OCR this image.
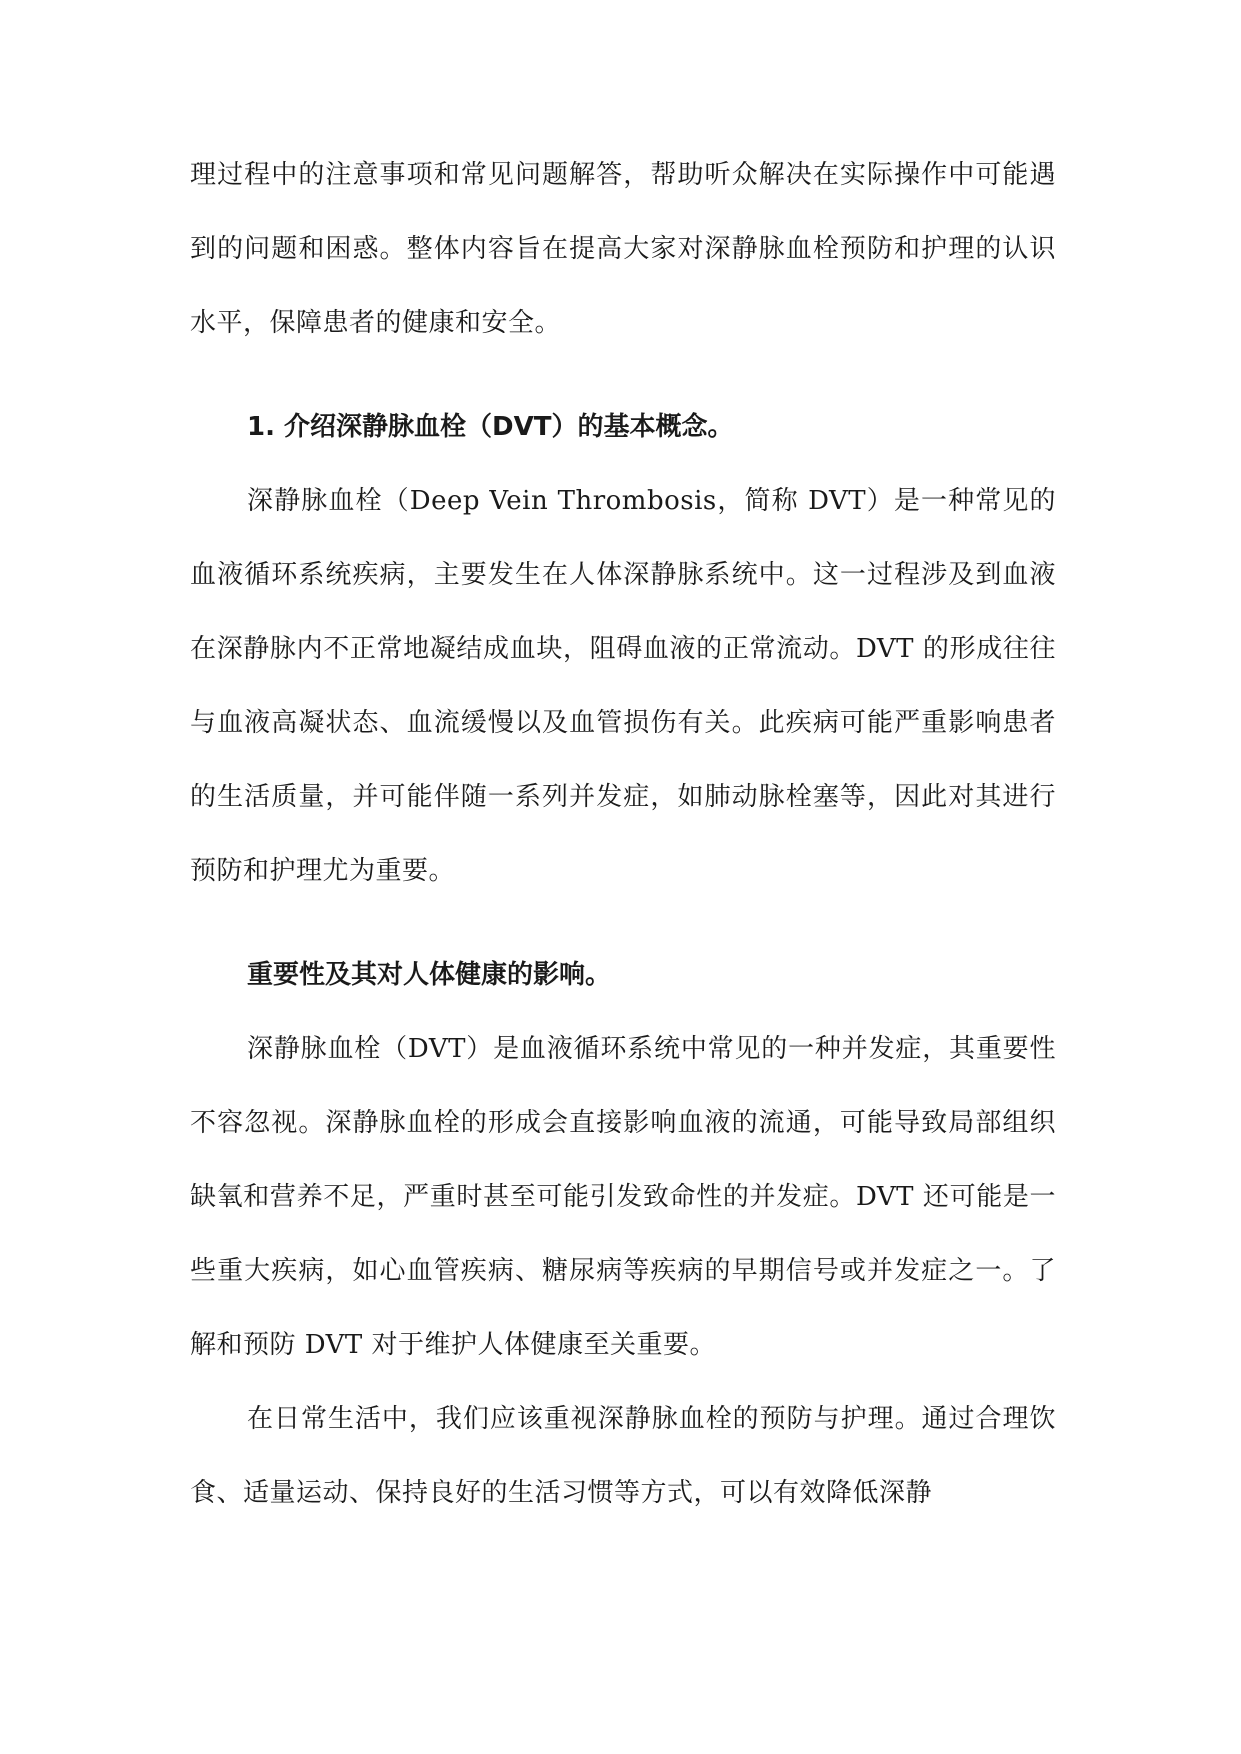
理过程中的注意事项和常见问题解答，帮助听众解决在实际操作中可能遇到的问题和困惑。整体内容旨在提高大家对深静脉血栓预防和护理的认识水平，保障患者的健康和安全。

1. 介绍深静脉血栓（DVT）的基本概念。

深静脉血栓（Deep Vein Thrombosis，简称 DVT）是一种常见的血液循环系统疾病，主要发生在人体深静脉系统中。这一过程涉及到血液在深静脉内不正常地凝结成血块，阻碍血液的正常流动。DVT 的形成往往与血液高凝状态、血流缓慢以及血管损伤有关。此疾病可能严重影响患者的生活质量，并可能伴随一系列并发症，如肺动脉栓塞等，因此对其进行预防和护理尤为重要。

重要性及其对人体健康的影响。

深静脉血栓（DVT）是血液循环系统中常见的一种并发症，其重要性不容忽视。深静脉血栓的形成会直接影响血液的流通，可能导致局部组织缺氧和营养不足，严重时甚至可能引发致命性的并发症。DVT 还可能是一些重大疾病，如心血管疾病、糖尿病等疾病的早期信号或并发症之一。了解和预防 DVT 对于维护人体健康至关重要。

在日常生活中，我们应该重视深静脉血栓的预防与护理。通过合理饮食、适量运动、保持良好的生活习惯等方式，可以有效降低深静
